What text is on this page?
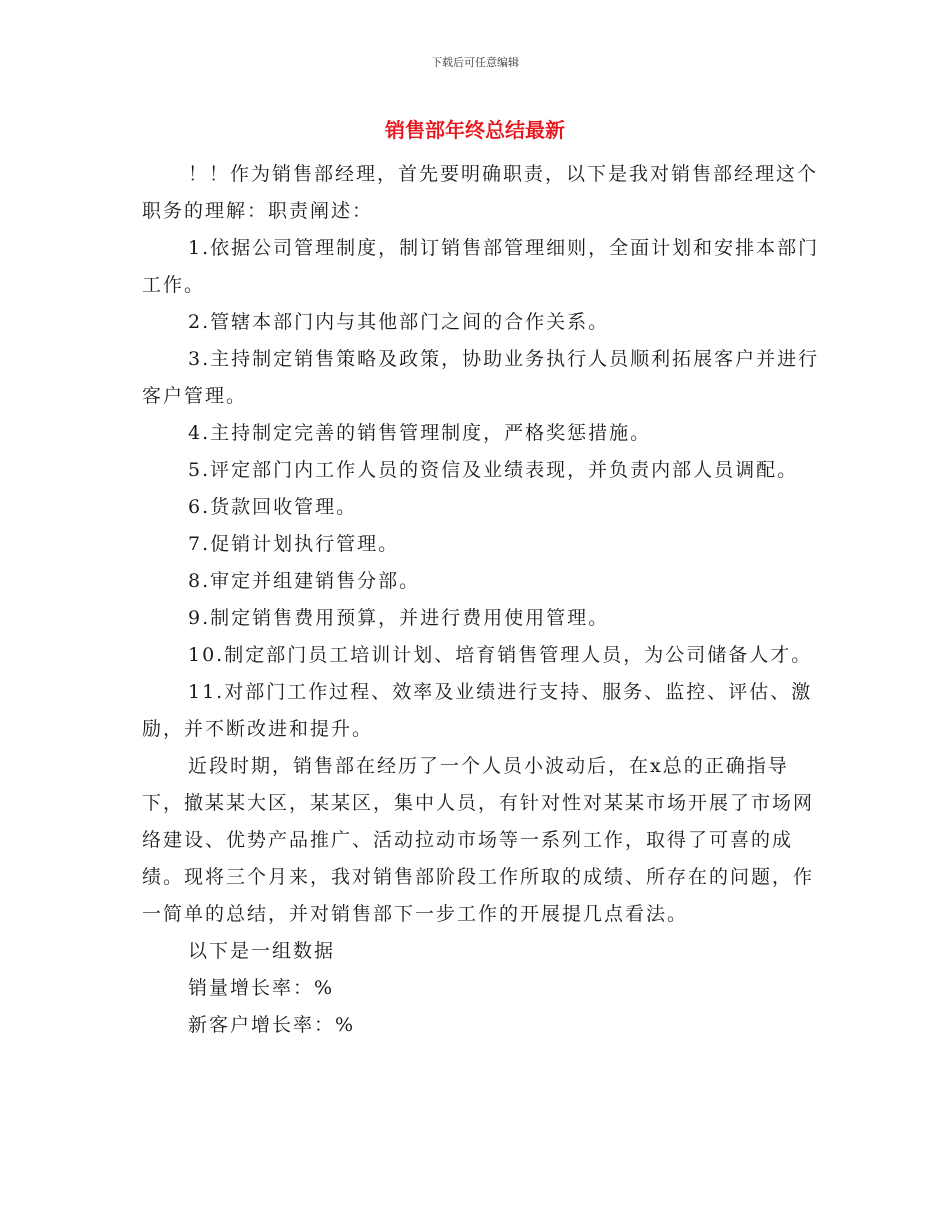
下载后可任意编辑
销售部年终总结最新

！！作为销售部经理，首先要明确职责，以下是我对销售部经理这个职务的理解：职责阐述：

1.依据公司管理制度，制订销售部管理细则，全面计划和安排本部门工作。

2.管辖本部门内与其他部门之间的合作关系。

3.主持制定销售策略及政策，协助业务执行人员顺利拓展客户并进行客户管理。

4.主持制定完善的销售管理制度，严格奖惩措施。

5.评定部门内工作人员的资信及业绩表现，并负责内部人员调配。

6.货款回收管理。

7.促销计划执行管理。

8.审定并组建销售分部。

9.制定销售费用预算，并进行费用使用管理。

10.制定部门员工培训计划、培育销售管理人员，为公司储备人才。

11.对部门工作过程、效率及业绩进行支持、服务、监控、评估、激励，并不断改进和提升。

近段时期，销售部在经历了一个人员小波动后，在x总的正确指导下，撤某某大区，某某区，集中人员，有针对性对某某市场开展了市场网络建设、优势产品推广、活动拉动市场等一系列工作，取得了可喜的成绩。现将三个月来，我对销售部阶段工作所取的成绩、所存在的问题，作一简单的总结，并对销售部下一步工作的开展提几点看法。

以下是一组数据

销量增长率：%

新客户增长率：%
